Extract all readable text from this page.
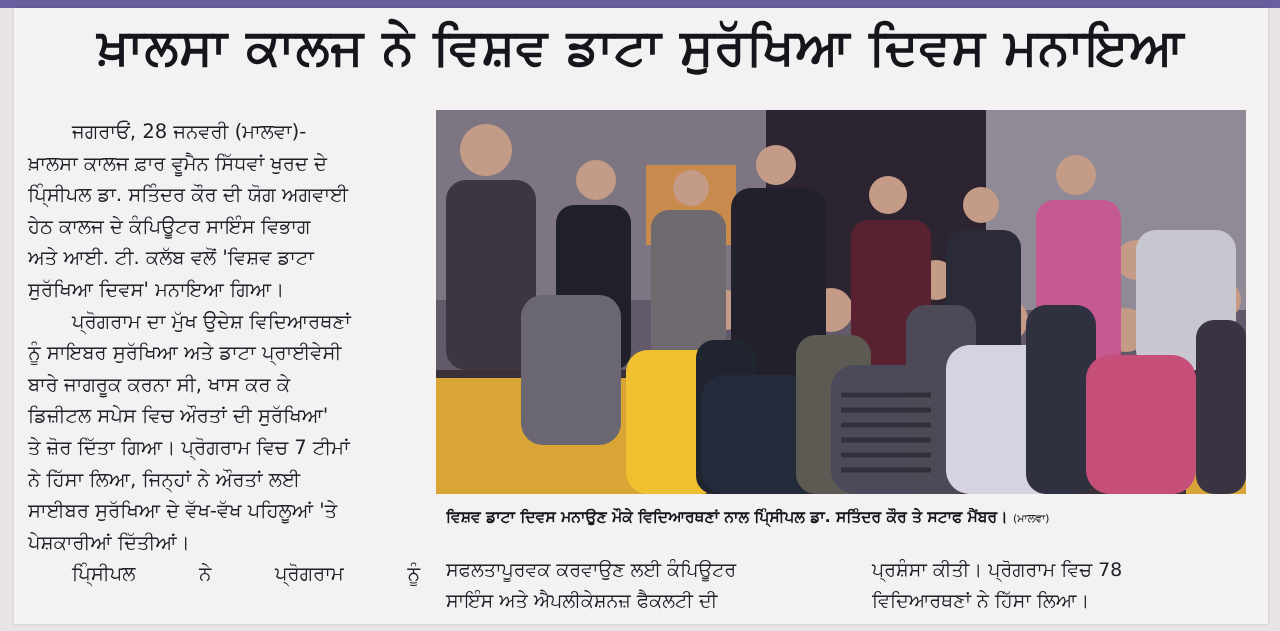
ਖ਼ਾਲਸਾ ਕਾਲਜ ਨੇ ਵਿਸ਼ਵ ਡਾਟਾ ਸੁਰੱਖਿਆ ਦਿਵਸ ਮਨਾਇਆ
ਜਗਰਾਓਂ, 28 ਜਨਵਰੀ (ਮਾਲਵਾ)-
ਖ਼ਾਲਸਾ ਕਾਲਜ ਫ਼ਾਰ ਵੂਮੈਨ ਸਿੱਧਵਾਂ ਖੁਰਦ ਦੇ
ਪਿ੍ੰਸੀਪਲ ਡਾ. ਸਤਿੰਦਰ ਕੌਰ ਦੀ ਯੋਗ ਅਗਵਾਈ
ਹੇਠ ਕਾਲਜ ਦੇ ਕੰਪਿਊਟਰ ਸਾਇੰਸ ਵਿਭਾਗ
ਅਤੇ ਆਈ. ਟੀ. ਕਲੱਬ ਵਲੋਂ 'ਵਿਸ਼ਵ ਡਾਟਾ
ਸੁਰੱਖਿਆ ਦਿਵਸ' ਮਨਾਇਆ ਗਿਆ।
ਪ੍ਰੋਗਰਾਮ ਦਾ ਮੁੱਖ ਉਦੇਸ਼ ਵਿਦਿਆਰਥਣਾਂ
ਨੂੰ ਸਾਇਬਰ ਸੁਰੱਖਿਆ ਅਤੇ ਡਾਟਾ ਪ੍ਰਾਈਵੇਸੀ
ਬਾਰੇ ਜਾਗਰੂਕ ਕਰਨਾ ਸੀ, ਖਾਸ ਕਰ ਕੇ
ਡਿਜ਼ੀਟਲ ਸਪੇਸ ਵਿਚ ਔਰਤਾਂ ਦੀ ਸੁਰੱਖਿਆ'
ਤੇ ਜ਼ੋਰ ਦਿੱਤਾ ਗਿਆ। ਪ੍ਰੋਗਰਾਮ ਵਿਚ 7 ਟੀਮਾਂ
ਨੇ ਹਿੱਸਾ ਲਿਆ, ਜਿਨ੍ਹਾਂ ਨੇ ਔਰਤਾਂ ਲਈ
ਸਾਈਬਰ ਸੁਰੱਖਿਆ ਦੇ ਵੱਖ-ਵੱਖ ਪਹਿਲੂਆਂ 'ਤੇ
ਪੇਸ਼ਕਾਰੀਆਂ ਦਿੱਤੀਆਂ।
ਪਿ੍ੰਸੀਪਲ	ਨੇ	ਪ੍ਰੋਗਰਾਮ	ਨੂੰ
ਵਿਸ਼ਵ ਡਾਟਾ ਦਿਵਸ ਮਨਾਉਣ ਮੌਕੇ ਵਿਦਿਆਰਥਣਾਂ ਨਾਲ ਪਿ੍ੰਸੀਪਲ ਡਾ. ਸਤਿੰਦਰ ਕੌਰ ਤੇ ਸਟਾਫ ਮੈਂਬਰ। (ਮਾਲਵਾ)
ਸਫਲਤਾਪੂਰਵਕ ਕਰਵਾਉਣ ਲਈ ਕੰਪਿਊਟਰ
ਸਾਇੰਸ ਅਤੇ ਐਪਲੀਕੇਸ਼ਨਜ਼ ਫੈਕਲਟੀ ਦੀ
ਪ੍ਰਸ਼ੰਸਾ ਕੀਤੀ। ਪ੍ਰੋਗਰਾਮ ਵਿਚ 78
ਵਿਦਿਆਰਥਣਾਂ ਨੇ ਹਿੱਸਾ ਲਿਆ।
